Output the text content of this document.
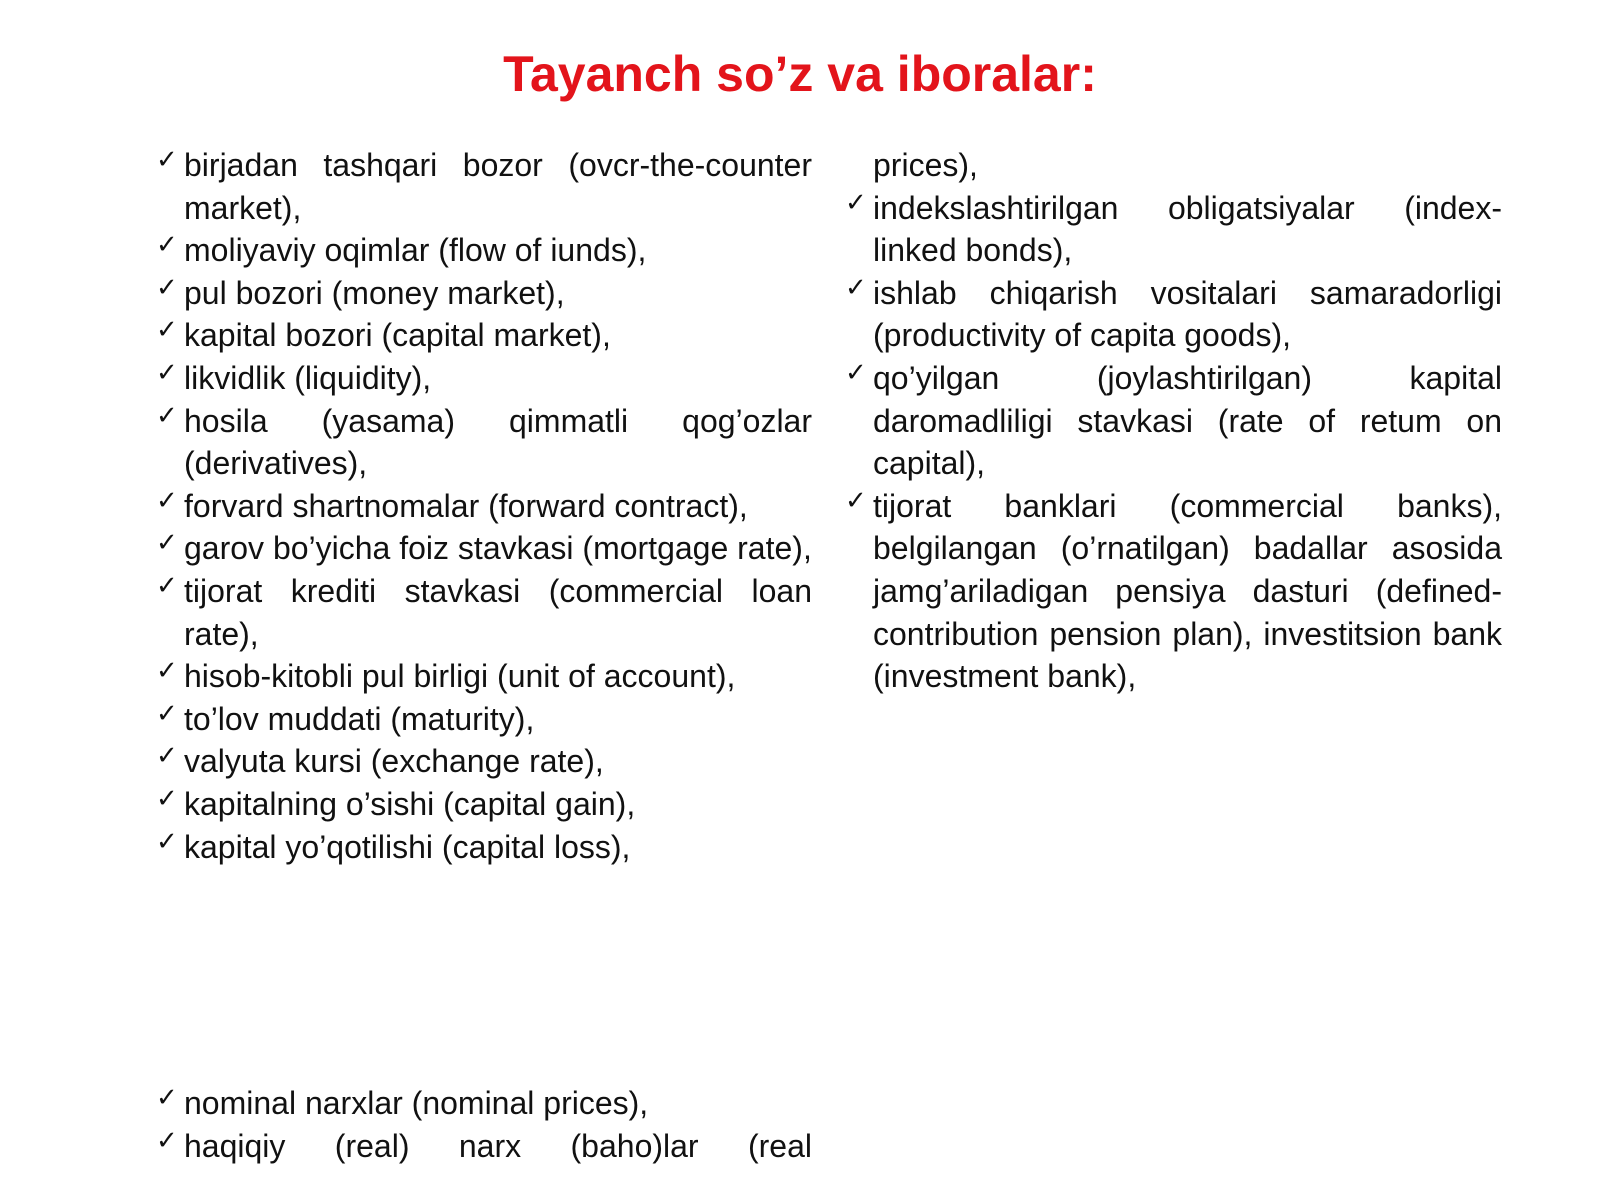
Tayanch so’z va iboralar:
✓ birjadan tashqari bozor (ovcr-the-counter market),
✓ moliyaviy oqimlar (flow of iunds),
✓ pul bozori (money market),
✓ kapital bozori (capital market),
✓ likvidlik (liquidity),
✓ hosila (yasama) qimmatli qog’ozlar (derivatives),
✓ forvard shartnomalar (forward contract),
✓ garov bo’yicha foiz stavkasi (mortgage rate),
✓ tijorat krediti stavkasi (commercial loan rate),
✓ hisob-kitobli pul birligi (unit of account),
✓ to’lov muddati (maturity),
✓ valyuta kursi (exchange rate),
✓ kapitalning o’sishi (capital gain),
✓ kapital yo’qotilishi (capital loss),
✓ nominal narxlar (nominal prices),
✓ haqiqiy (real) narx (baho)lar (real
prices),
✓ indekslashtirilgan obligatsiyalar (index-linked bonds),
✓ ishlab chiqarish vositalari samaradorligi (productivity of capita goods),
✓ qo’yilgan (joylashtirilgan) kapital daromadliligi stavkasi (rate of retum on capital),
✓ tijorat banklari (commercial banks), belgilangan (o’rnatilgan) badallar asosida jamg’ariladigan pensiya dasturi (defined-contribution pension plan), investitsion bank (investment bank),
